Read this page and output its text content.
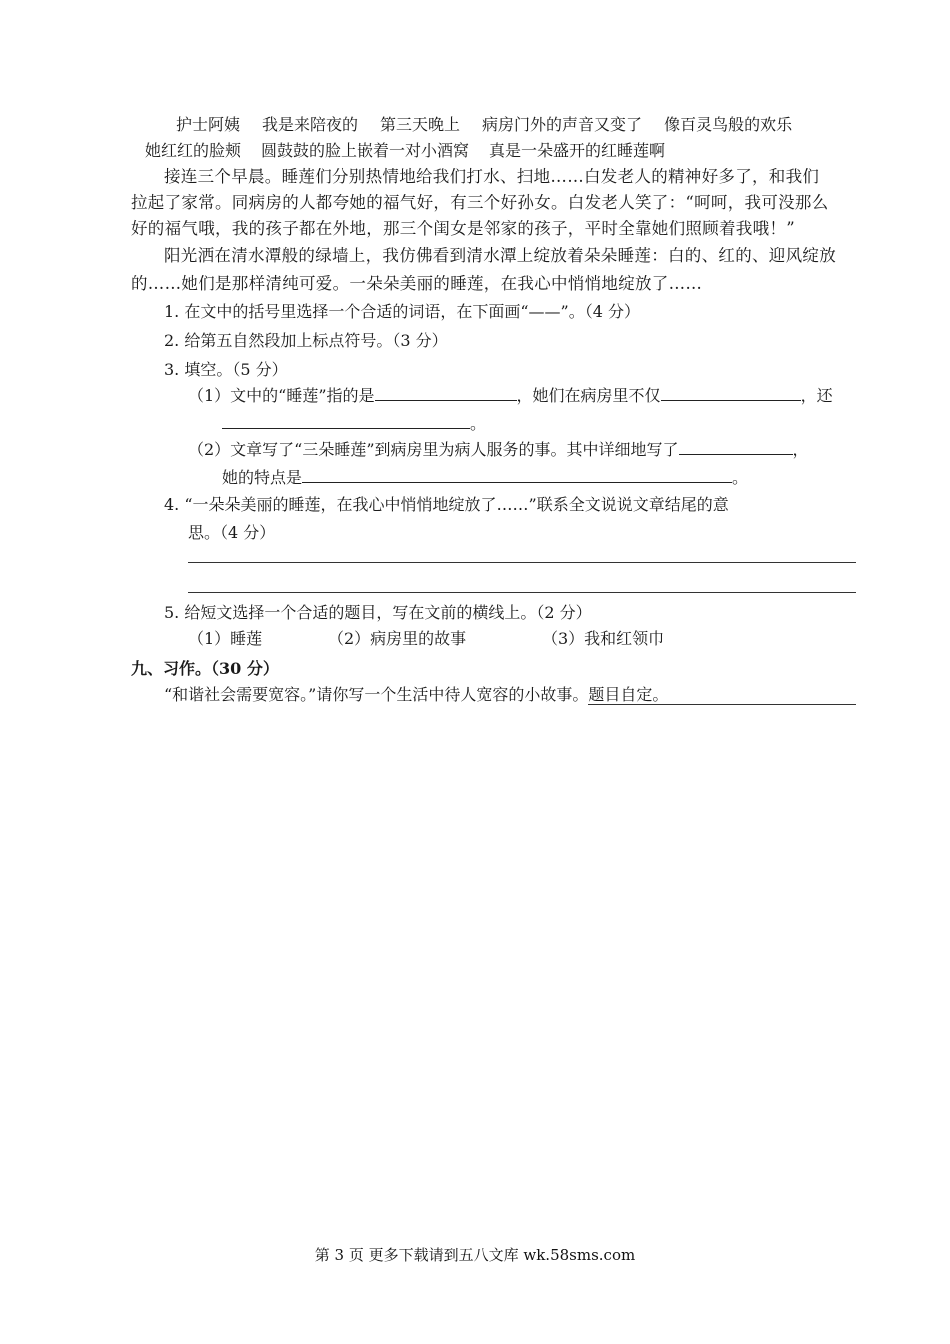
护士阿姨 我是来陪夜的 第三天晚上 病房门外的声音又变了 像百灵鸟般的欢乐
她红红的脸颊 圆鼓鼓的脸上嵌着一对小酒窝 真是一朵盛开的红睡莲啊
接连三个早晨。睡莲们分别热情地给我们打水、扫地……白发老人的精神好多了，和我们
拉起了家常。同病房的人都夸她的福气好，有三个好孙女。白发老人笑了：“呵呵，我可没那么
好的福气哦，我的孩子都在外地，那三个闺女是邻家的孩子，平时全靠她们照顾着我哦！”
阳光洒在清水潭般的绿墙上，我仿佛看到清水潭上绽放着朵朵睡莲：白的、红的、迎风绽放
的……她们是那样清纯可爱。一朵朵美丽的睡莲，在我心中悄悄地绽放了……
1. 在文中的括号里选择一个合适的词语，在下面画“——”。（4 分）
2. 给第五自然段加上标点符号。（3 分）
3. 填空。（5 分）
（1）文中的“睡莲”指的是	，她们在病房里不仅	，还
。
（2）文章写了“三朵睡莲”到病房里为病人服务的事。其中详细地写了	，
她的特点是	。
4. “一朵朵美丽的睡莲，在我心中悄悄地绽放了……”联系全文说说文章结尾的意
思。（4 分）
5. 给短文选择一个合适的题目，写在文前的横线上。（2 分）
（1）睡莲	（2）病房里的故事	（3）我和红领巾
九、习作。（30 分）
“和谐社会需要宽容。”请你写一个生活中待人宽容的小故事。题目自定。
第 3 页 更多下载请到五八文库 wk.58sms.com
